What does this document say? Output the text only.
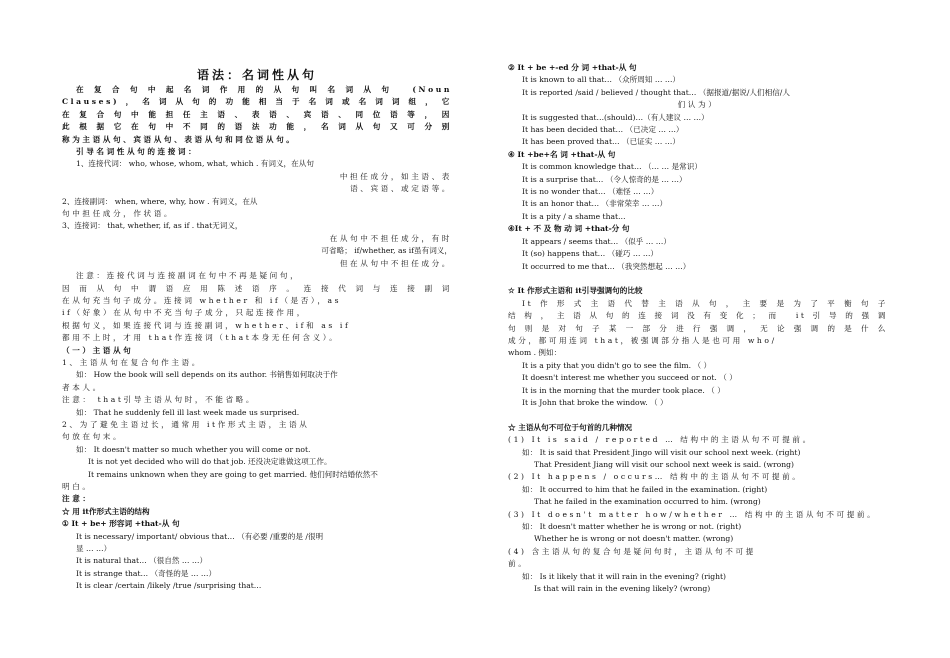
语法：名词性从句
在复合句中起名词作用的从句叫名词从句 (Noun
Clauses)，名词从句的功能相当于名词或名词词组，它
在复合句中能担任主语、表语、宾语、同位语等，因
此根据它在句中不同的语法功能，名词从句又可分别
称为主语从句、宾语从句、表语从句和同位语从句。
引导名词性从句的连接词：
1、连接代词： who, whose, whom, what, which . 有词义，在从句
中担任成分，如主语、表
语、宾语、或定语等。
2、连接副词： when, where, why, how . 有词义，在从
句中担任成分，作状语。
3、连接词： that, whether, if, as if . that无词义，
在从句中不担任成分，有时
可省略； if/whether, as if虽有词义，
但在从句中不担任成分。
注意：连接代词与连接副词在句中不再是疑问句，
因而从句中谓语应用陈述语序。连接代词与连接副词
在从句充当句子成分。连接词 whether 和 if（是否），as
if（好象）在从句中不充当句子成分，只起连接作用，
根据句义，如果连接代词与连接副词，whether、if和 as if
都用不上时，才用 that作连接词（that本身无任何含义）。
（一）主语从句
1、主语从句在复合句作主语。
如： How the book will sell depends on its author. 书销售如何取决于作
者本人。
注意： that引导主语从句时，不能省略。
如： That he suddenly fell ill last week made us surprised.
2、为了避免主语过长，通常用 it作形式主语，主语从
句放在句末。
如： It doesn't matter so much whether you will come or not.
It is not yet decided who will do that job. 还没决定谁做这项工作。
It remains unknown when they are going to get married. 他们何时结婚依然不
明白。
注意：
☆ 用 it作形式主语的结构
① It + be+ 形容词 +that-从 句
It is necessary/ important/ obvious that… （有必要 /重要的是 /很明
显 … …）
It is natural that… （很自然 … …）
It is strange that… （奇怪的是 … …）
It is clear /certain /likely /true /surprising that…
② It + be +-ed 分 词 +that-从 句
It is known to all that… （众所周知 … …）
It is reported /said / believed / thought that… （据报道/据说/人们相信/人
们认为）
It is suggested that…(should)…（有人建议 … …）
It has been decided that… （已决定 … …）
It has been proved that… （已证实 … …）
④ It +be+名 词 +that-从 句
It is common knowledge that… （… … 是常识）
It is a surprise that… （令人惊奇的是 … …）
It is no wonder that… （难怪 … …）
It is an honor that… （非常荣幸 … …）
It is a pity / a shame that…
④It + 不 及 物 动 词 +that-分 句
It appears / seems that… （似乎 … …）
It (so) happens that… （碰巧 … …）
It occurred to me that… （我突然想起 … …）

☆ It 作形式主语和 it引导强调句的比较
It作形式主语代替主语从句，主要是为了平衡句子
结构，主语从句的连接词没有变化；而 it引导的强调
句则是对句子某一部分进行强调，无论强调的是什么
成分，都可用连词 that，被强调部分指人是也可用 who/
whom . 例如：
It is a pity that you didn't go to see the film. （ ）
It doesn't interest me whether you succeed or not. （ ）
It is in the morning that the murder took place. （ ）
It is John that broke the window. （ ）

☆ 主语从句不可位于句首的几种情况
(1) It is said / reported … 结构中的主语从句不可提前。
如： It is said that President Jingo will visit our school next week. (right)
That President Jiang will visit our school next week is said. (wrong)
(2) It happens / occurs… 结构中的主语从句不可提前。
如： It occurred to him that he failed in the examination. (right)
That he failed in the examination occurred to him. (wrong)
(3) It doesn't matter how/whether … 结构中的主语从句不可提前。
如： It doesn't matter whether he is wrong or not. (right)
Whether he is wrong or not doesn't matter. (wrong)
(4) 含主语从句的复合句是疑问句时，主语从句不可提
前。
如： Is it likely that it will rain in the evening? (right)
Is that will rain in the evening likely? (wrong)
